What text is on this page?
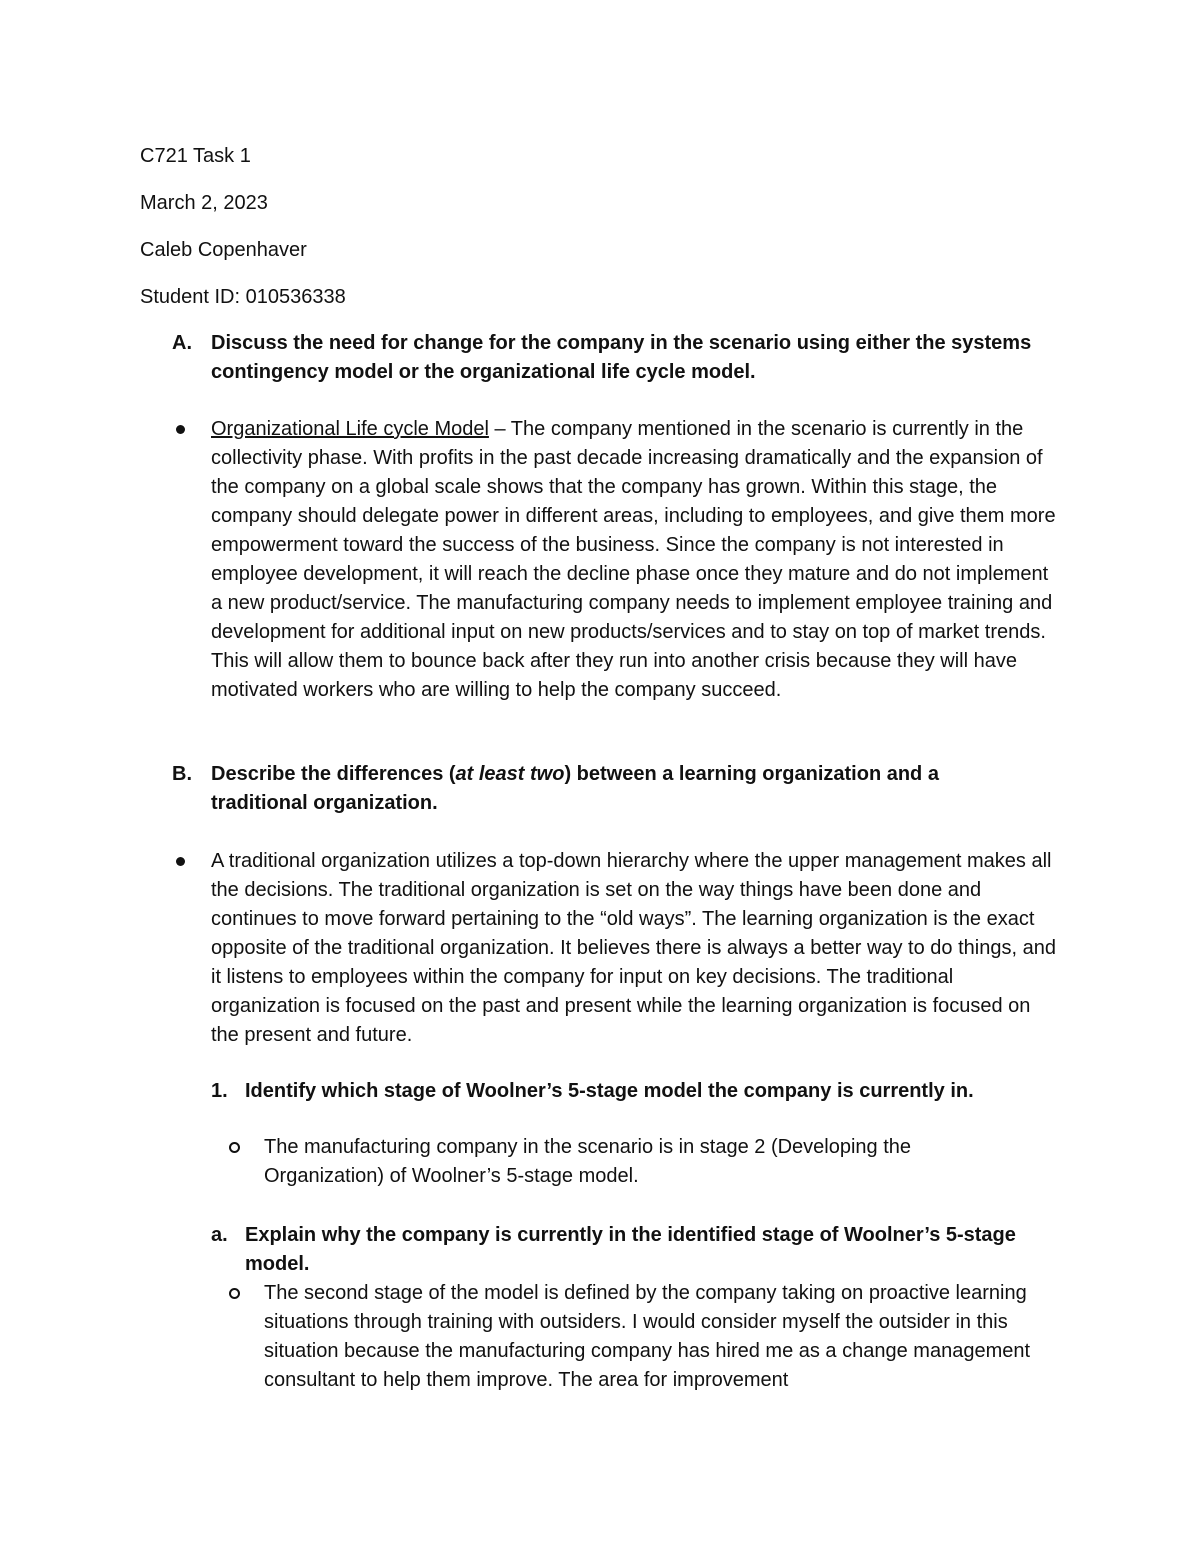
C721 Task 1

March 2, 2023

Caleb Copenhaver

Student ID: 010536338

A. Discuss the need for change for the company in the scenario using either the systems contingency model or the organizational life cycle model.

Organizational Life cycle Model – The company mentioned in the scenario is currently in the collectivity phase. With profits in the past decade increasing dramatically and the expansion of the company on a global scale shows that the company has grown. Within this stage, the company should delegate power in different areas, including to employees, and give them more empowerment toward the success of the business. Since the company is not interested in employee development, it will reach the decline phase once they mature and do not implement a new product/service. The manufacturing company needs to implement employee training and development for additional input on new products/services and to stay on top of market trends. This will allow them to bounce back after they run into another crisis because they will have motivated workers who are willing to help the company succeed.

B. Describe the differences (at least two) between a learning organization and a traditional organization.

A traditional organization utilizes a top-down hierarchy where the upper management makes all the decisions. The traditional organization is set on the way things have been done and continues to move forward pertaining to the “old ways”. The learning organization is the exact opposite of the traditional organization. It believes there is always a better way to do things, and it listens to employees within the company for input on key decisions. The traditional organization is focused on the past and present while the learning organization is focused on the present and future.

1. Identify which stage of Woolner’s 5-stage model the company is currently in.

The manufacturing company in the scenario is in stage 2 (Developing the Organization) of Woolner’s 5-stage model.

a. Explain why the company is currently in the identified stage of Woolner’s 5-stage model.

The second stage of the model is defined by the company taking on proactive learning situations through training with outsiders. I would consider myself the outsider in this situation because the manufacturing company has hired me as a change management consultant to help them improve. The area for improvement
